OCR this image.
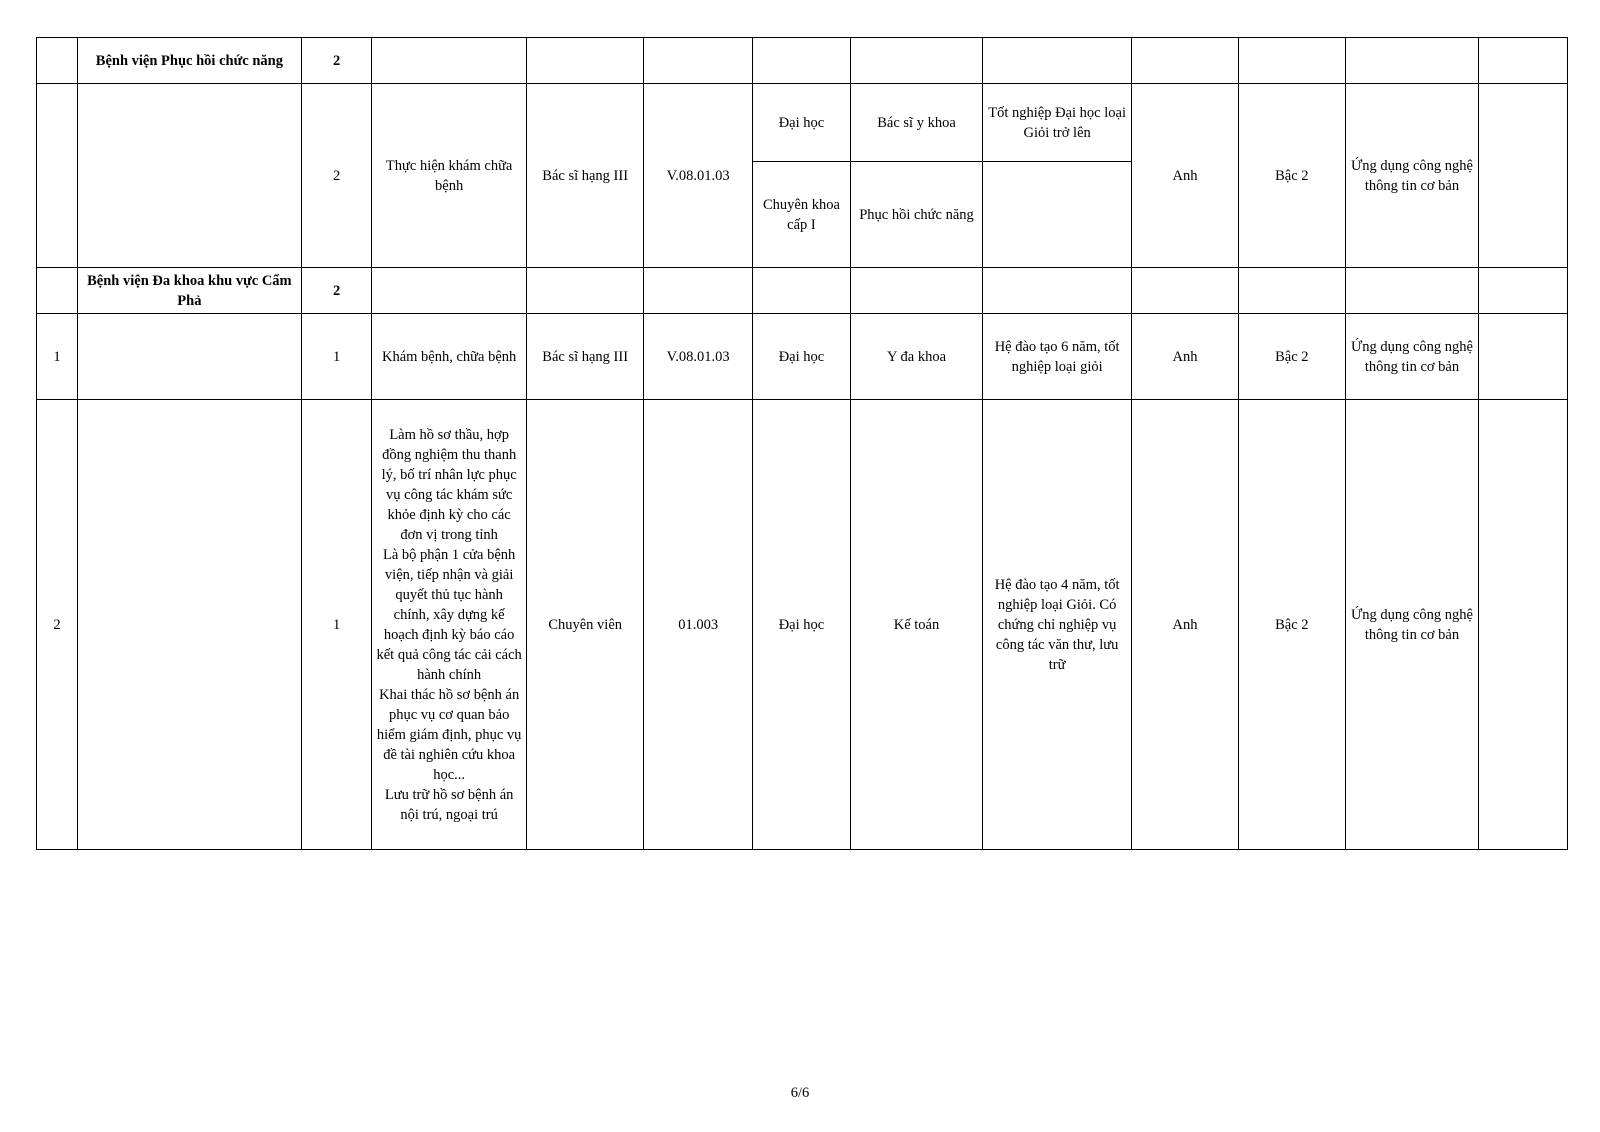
	Bệnh viện Phục hồi chức năng	2										
		2	Thực hiện khám chữa bệnh	Bác sĩ hạng III	V.08.01.03	Đại học	Bác sĩ y khoa	Tốt nghiệp Đại học loại Giỏi trở lên	Anh	Bậc 2	Ứng dụng công nghệ thông tin cơ bản	
						Chuyên khoa cấp I	Phục hồi chức năng					
	Bệnh viện Đa khoa khu vực Cẩm Phả	2										
1		1	Khám bệnh, chữa bệnh	Bác sĩ hạng III	V.08.01.03	Đại học	Y đa khoa	Hệ đào tạo 6 năm, tốt nghiệp loại giỏi	Anh	Bậc 2	Ứng dụng công nghệ thông tin cơ bản	
2		1	Làm hồ sơ thầu, hợp đồng nghiệm thu thanh lý, bố trí nhân lực phục vụ công tác khám sức khỏe định kỳ cho các đơn vị trong tỉnh
Là bộ phận 1 cửa bệnh viện, tiếp nhận và giải quyết thủ tục hành chính, xây dựng kế hoạch định kỳ báo cáo kết quả công tác cải cách hành chính
Khai thác hồ sơ bệnh án phục vụ cơ quan bảo hiểm giám định, phục vụ đề tài nghiên cứu khoa học...
Lưu trữ hồ sơ bệnh án nội trú, ngoại trú	Chuyên viên	01.003	Đại học	Kế toán	Hệ đào tạo 4 năm, tốt nghiệp loại Giỏi. Có chứng chỉ nghiệp vụ công tác văn thư, lưu trữ	Anh	Bậc 2	Ứng dụng công nghệ thông tin cơ bản	
6/6
